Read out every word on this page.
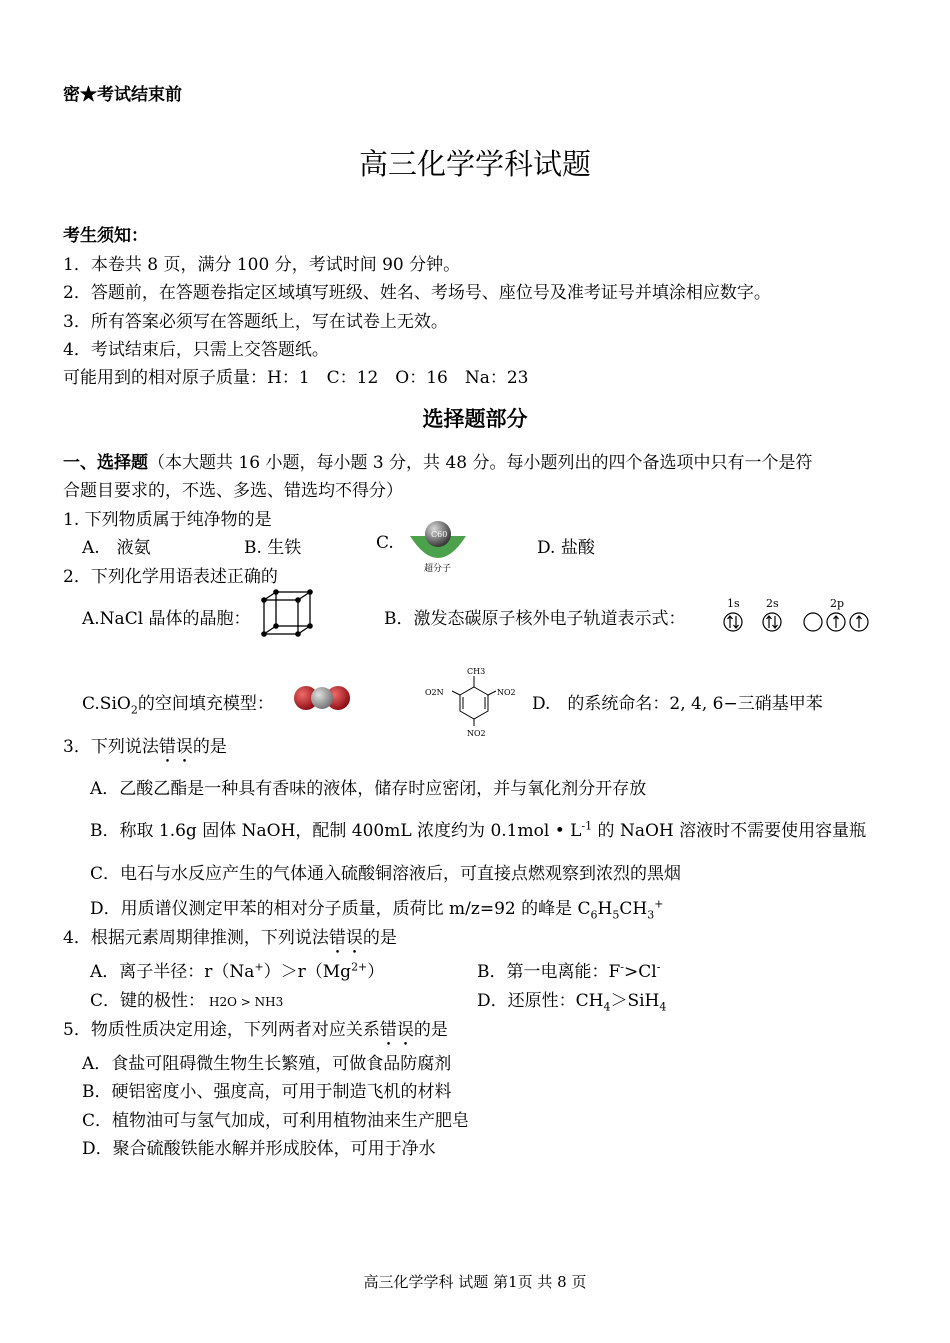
密★考试结束前
高三化学学科试题
考生须知：
1．本卷共 8 页，满分 100 分，考试时间 90 分钟。
2．答题前，在答题卷指定区域填写班级、姓名、考场号、座位号及准考证号并填涂相应数字。
3．所有答案必须写在答题纸上，写在试卷上无效。
4．考试结束后，只需上交答题纸。
可能用到的相对原子质量：H：1　C：12　O：16　Na：23
选择题部分
一、选择题（本大题共 16 小题，每小题 3 分，共 48 分。每小题列出的四个备选项中只有一个是符
合题目要求的，不选、多选、错选均不得分）
1. 下列物质属于纯净物的是
A.　液氨	B. 生铁	C.	C60
超分子
D. 盐酸
2．下列化学用语表述正确的
A.NaCl 晶体的晶胞：	B．激发态碳原子核外电子轨道表示式：
1s 2s	2p
C.SiO$_2$的空间填充模型：
CH3
NO2
O2N
NO2
D.　的系统命名：2, 4, 6−三硝基甲苯
3．下列说法错误的是
A．乙酸乙酯是一种具有香味的液体，储存时应密闭，并与氧化剂分开存放
B．称取 1.6g 固体 NaOH，配制 400mL 浓度约为 0.1mol • $L^{-1}$ 的 NaOH 溶液时不需要使用容量瓶
C．电石与水反应产生的气体通入硫酸铜溶液后，可直接点燃观察到浓烈的黑烟
D．用质谱仪测定甲苯的相对分子质量，质荷比 m/z=92 的峰是 $C_6H_5CH_3^+$
4．根据元素周期律推测，下列说法错误的是
A．离子半径：$r(Na^+)>r(Mg^{2+})$	B．第一电离能：F->Cl-
C．键的极性： H2O > NH3	D．还原性：$CH_4>SiH_4$
5．物质性质决定用途，下列两者对应关系错误的是
A．食盐可阻碍微生物生长繁殖，可做食品防腐剂
B．硬铝密度小、强度高，可用于制造飞机的材料
C．植物油可与氢气加成，可利用植物油来生产肥皂
D．聚合硫酸铁能水解并形成胶体，可用于净水
高三化学学科 试题 第1页 共 8 页
